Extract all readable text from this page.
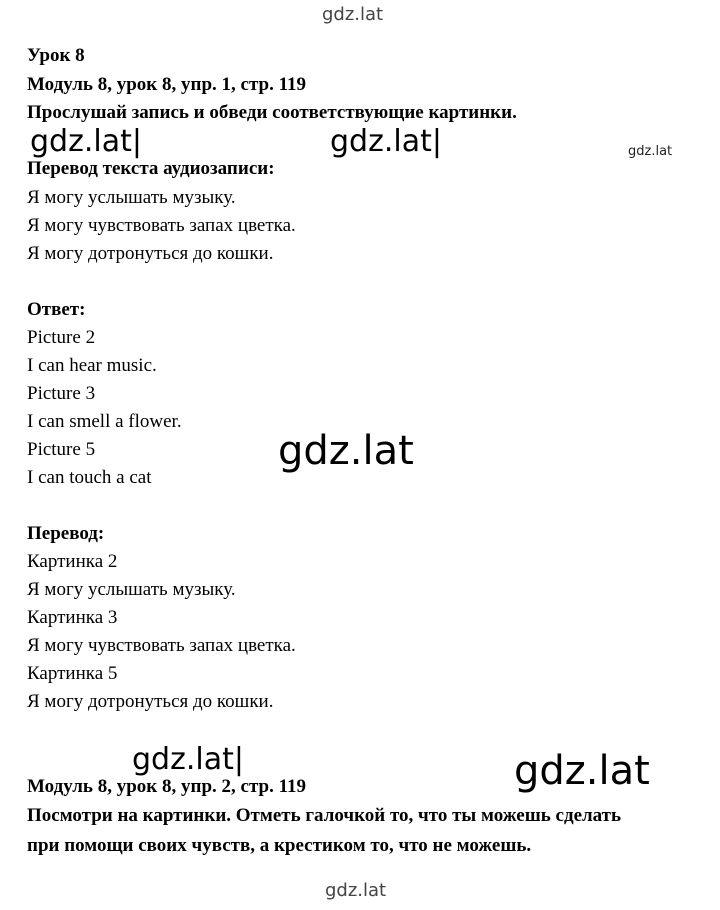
gdz.lat
gdz.lat|	gdz.lat|	gdz.lat
gdz.lat
gdz.lat|	gdz.lat
gdz.lat
Урок 8
Модуль 8, урок 8, упр. 1, стр. 119
Прослушай запись и обведи соответствующие картинки.
Перевод текста аудиозаписи:
Я могу услышать музыку.
Я могу чувствовать запах цветка.
Я могу дотронуться до кошки.
Ответ:
Picture 2
I can hear music.
Picture 3
I can smell a flower.
Picture 5
I can touch a cat
Перевод:
Картинка 2
Я могу услышать музыку.
Картинка 3
Я могу чувствовать запах цветка.
Картинка 5
Я могу дотронуться до кошки.
Модуль 8, урок 8, упр. 2, стр. 119
Посмотри на картинки. Отметь галочкой то, что ты можешь сделать
при помощи своих чувств, а крестиком то, что не можешь.
